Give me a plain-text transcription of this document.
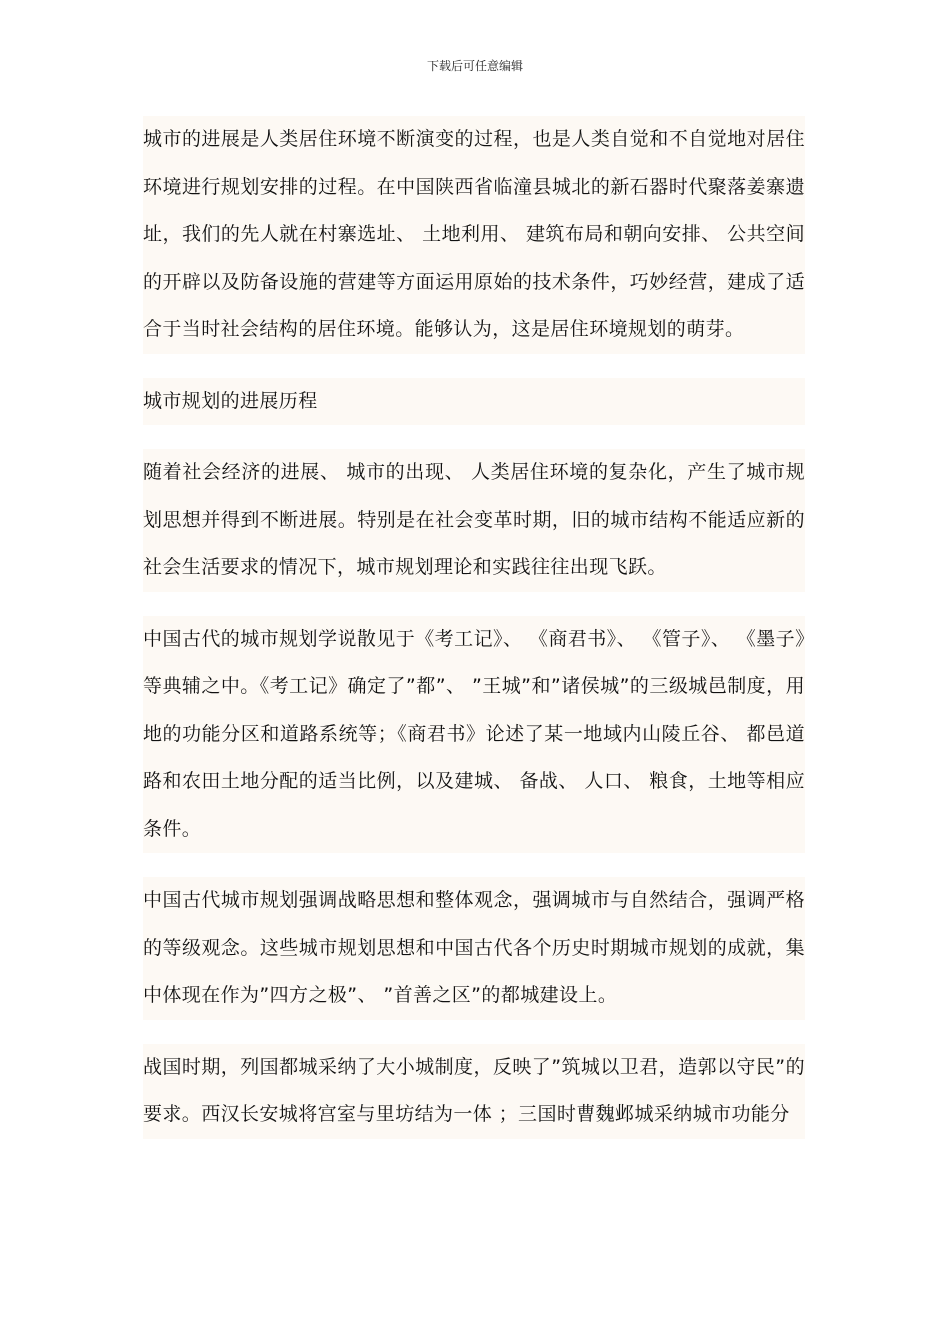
下载后可任意编辑

城市的进展是人类居住环境不断演变的过程，也是人类自觉和不自觉地对居住环境进行规划安排的过程。在中国陕西省临潼县城北的新石器时代聚落姜寨遗址，我们的先人就在村寨选址、 土地利用、 建筑布局和朝向安排、 公共空间的开辟以及防备设施的营建等方面运用原始的技术条件，巧妙经营，建成了适合于当时社会结构的居住环境。能够认为，这是居住环境规划的萌芽。

城市规划的进展历程

随着社会经济的进展、 城市的出现、 人类居住环境的复杂化，产生了城市规划思想并得到不断进展。特别是在社会变革时期，旧的城市结构不能适应新的社会生活要求的情况下，城市规划理论和实践往往出现飞跃。

中国古代的城市规划学说散见于《考工记》、 《商君书》、 《管子》、 《墨子》等典辅之中。《考工记》确定了”都”、 ”王城”和”诸侯城”的三级城邑制度，用地的功能分区和道路系统等；《商君书》论述了某一地域内山陵丘谷、 都邑道路和农田土地分配的适当比例，以及建城、 备战、 人口、 粮食，土地等相应条件。

中国古代城市规划强调战略思想和整体观念，强调城市与自然结合，强调严格的等级观念。这些城市规划思想和中国古代各个历史时期城市规划的成就，集中体现在作为”四方之极”、 ”首善之区”的都城建设上。

战国时期，列国都城采纳了大小城制度，反映了”筑城以卫君，造郭以守民”的要求。西汉长安城将宫室与里坊结为一体 ；三国时曹魏邺城采纳城市功能分
